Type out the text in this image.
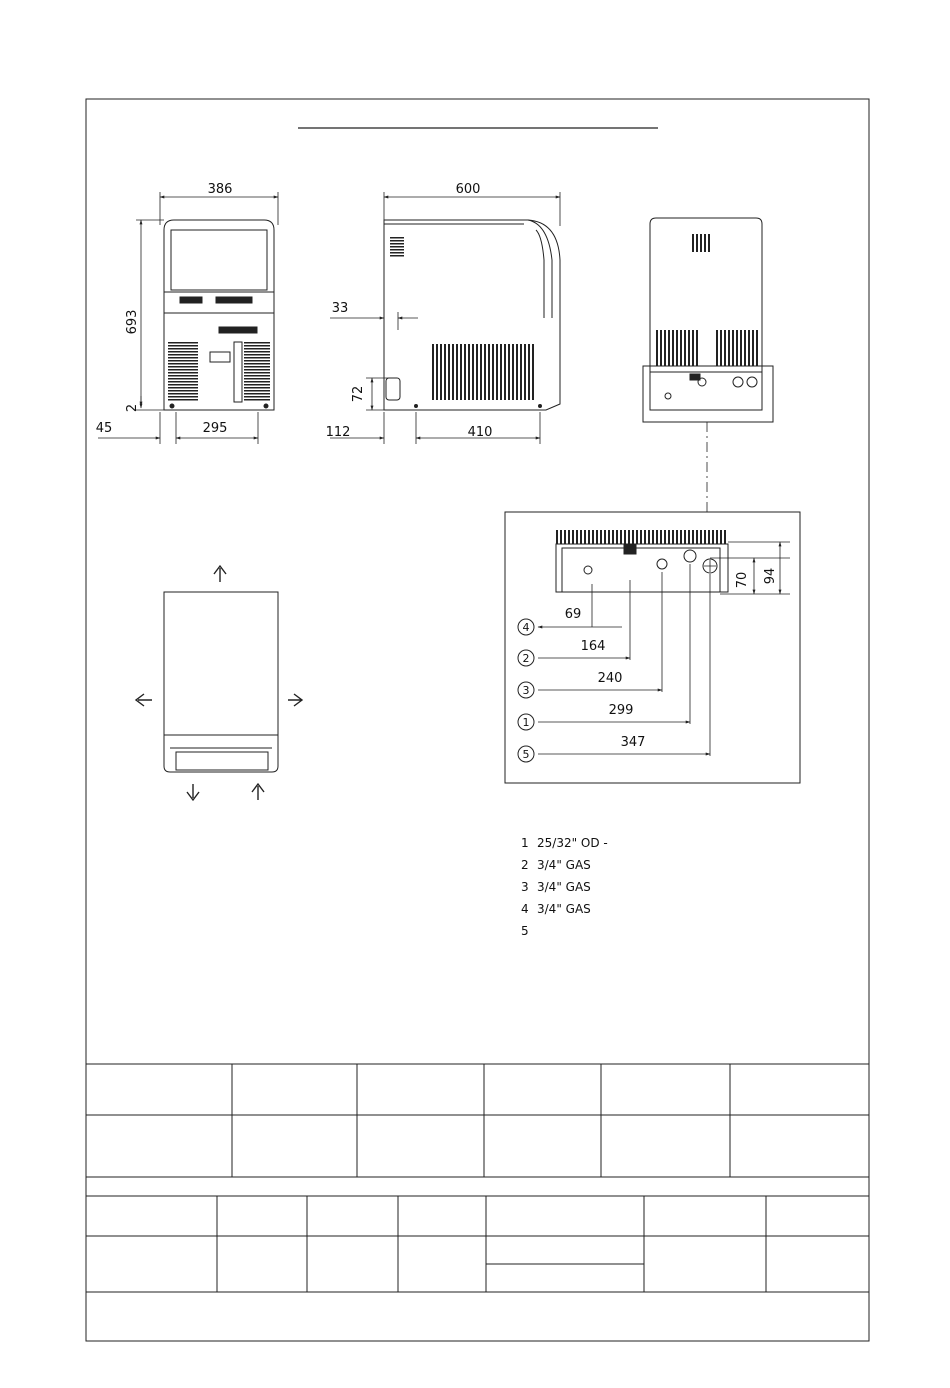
386
693
2
45	295
600
33
72
112	410
70 94
4
69
2
164
3
240
1
299
5
347
1 25/32" OD -
2 3/4" GAS
3 3/4" GAS
4 3/4" GAS
5
